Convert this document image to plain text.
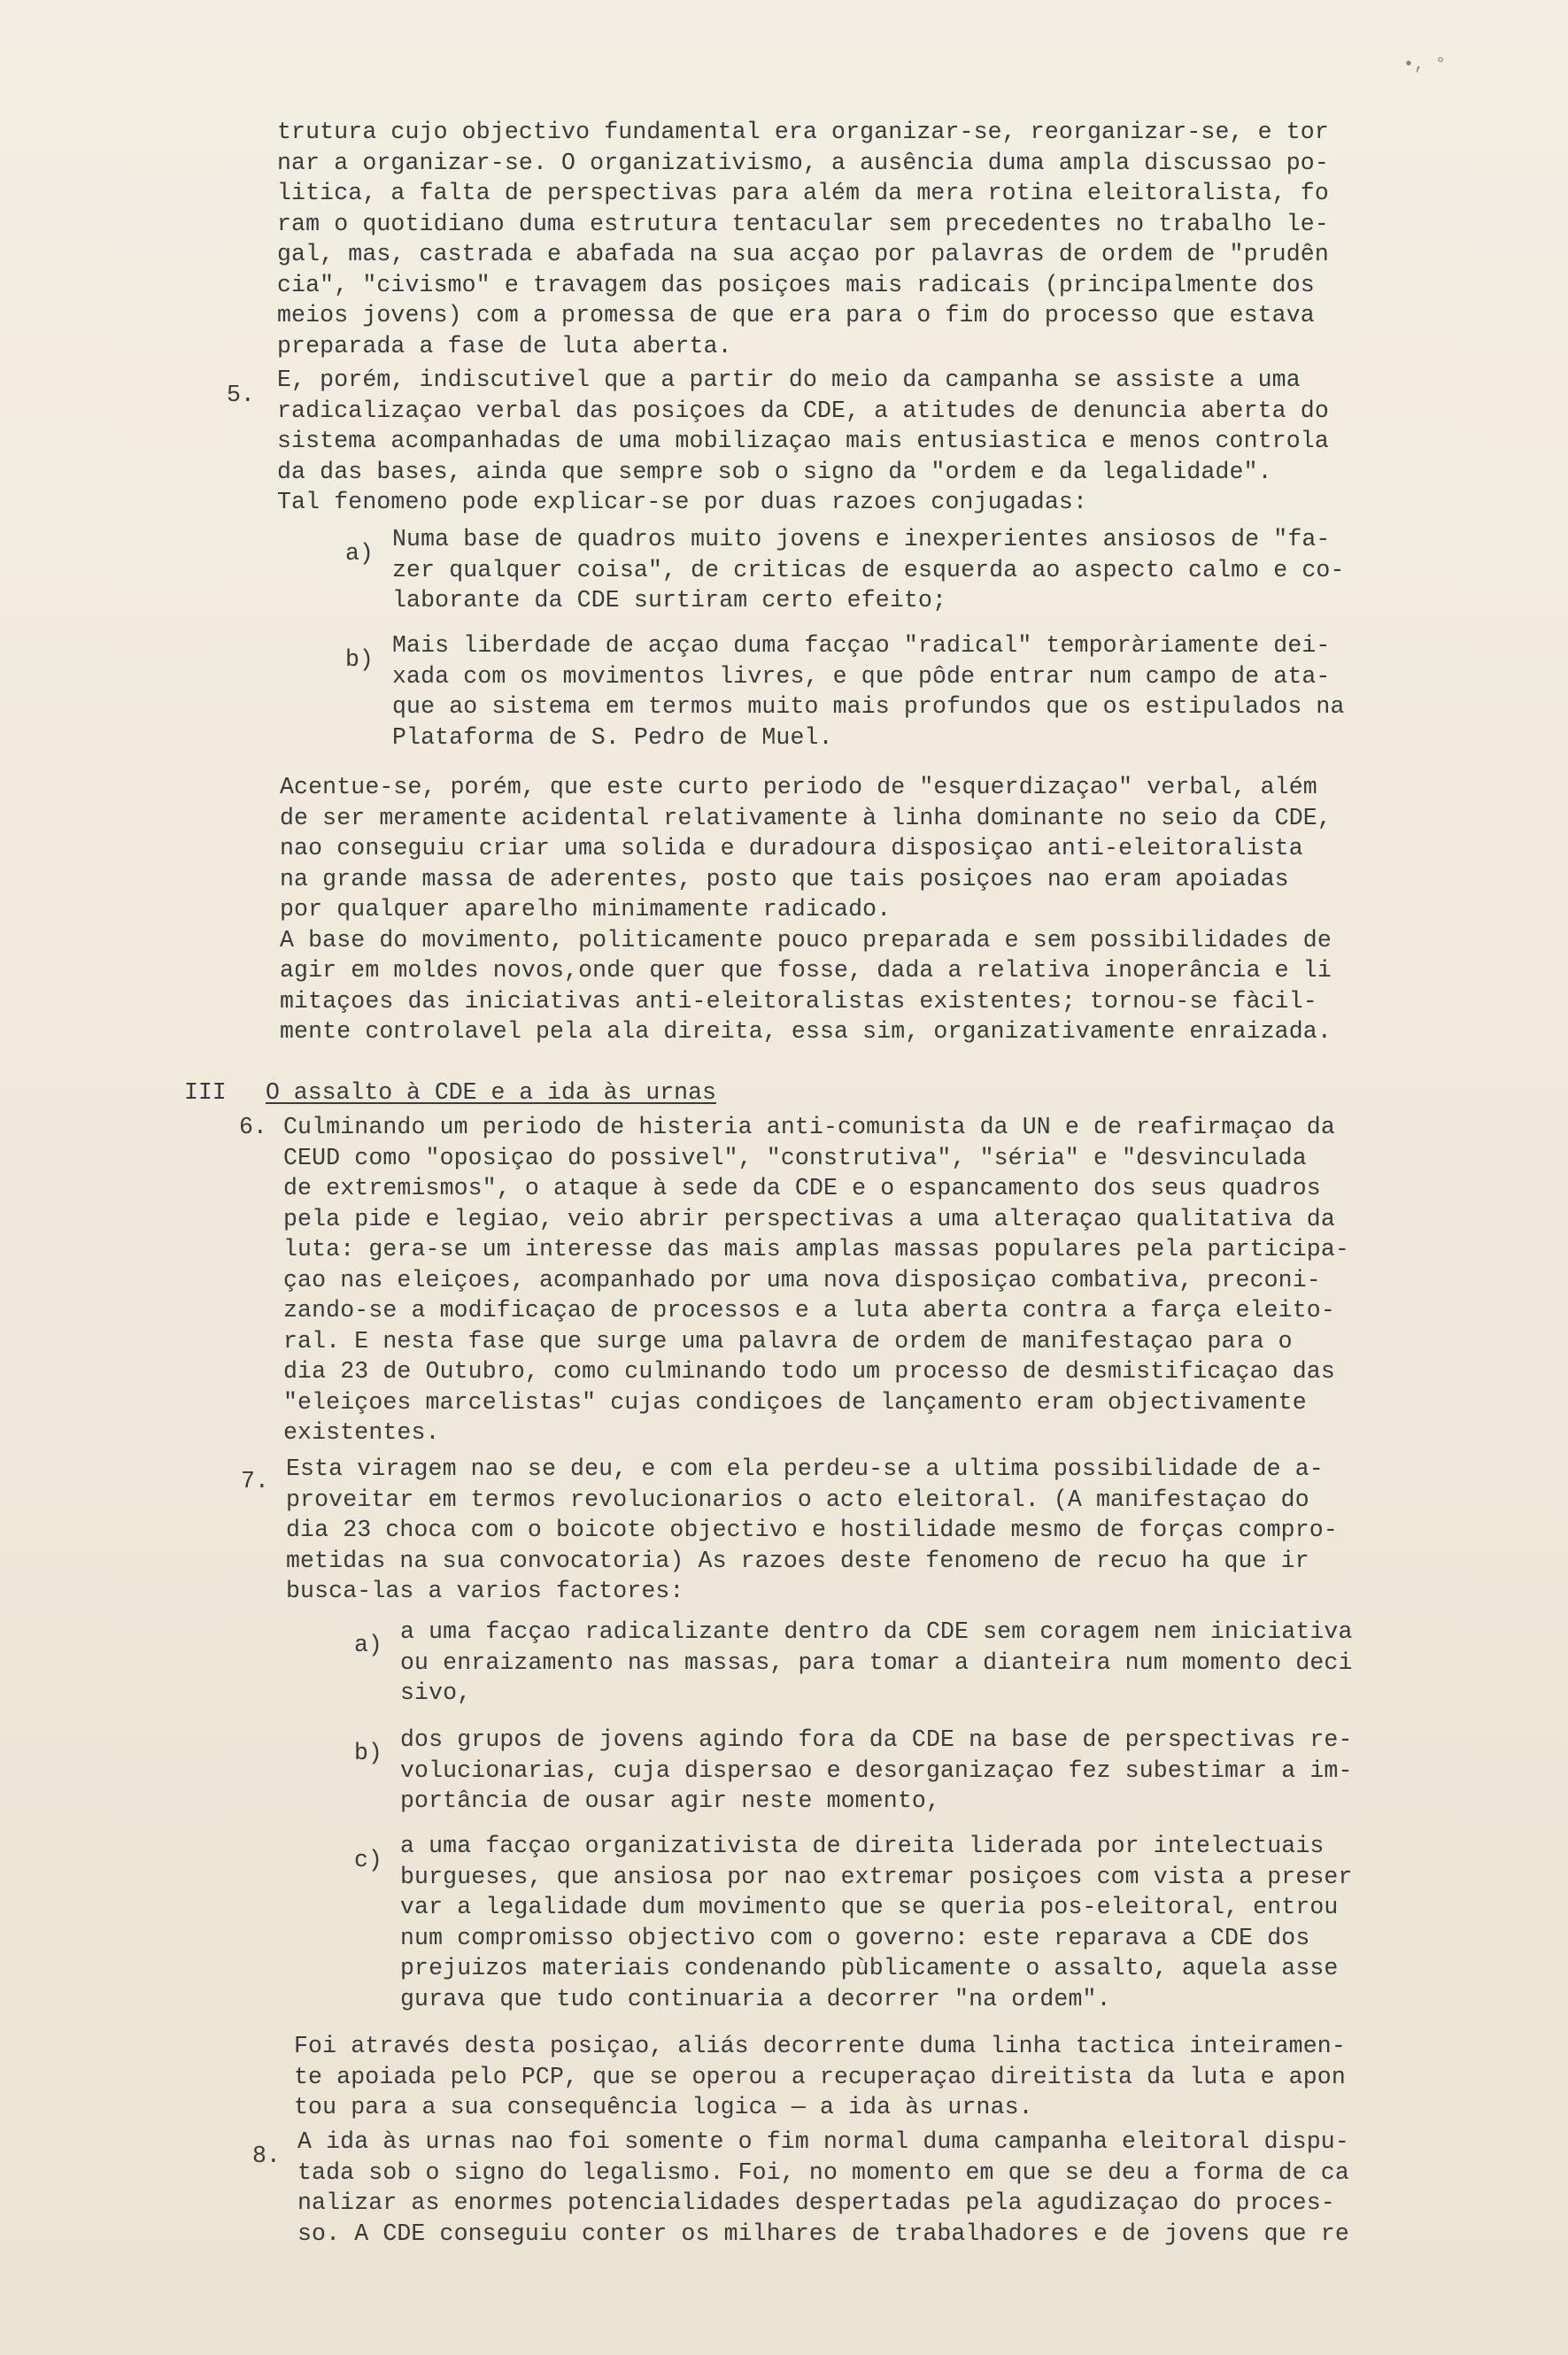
•, °
trutura cujo objectivo fundamental era organizar-se, reorganizar-se, e tor
nar a organizar-se. O organizativismo, a ausência duma ampla discussao po-
litica, a falta de perspectivas para além da mera rotina eleitoralista, fo
ram o quotidiano duma estrutura tentacular sem precedentes no trabalho le-
gal, mas, castrada e abafada na sua acçao por palavras de ordem de "prudên
cia", "civismo" e travagem das posiçoes mais radicais (principalmente dos
meios jovens) com a promessa de que era para o fim do processo que estava
preparada a fase de luta aberta.
5.
E, porém, indiscutivel que a partir do meio da campanha se assiste a uma
radicalizaçao verbal das posiçoes da CDE, a atitudes de denuncia aberta do
sistema acompanhadas de uma mobilizaçao mais entusiastica e menos controla
da das bases, ainda que sempre sob o signo da "ordem e da legalidade".
Tal fenomeno pode explicar-se por duas razoes conjugadas:
a)
Numa base de quadros muito jovens e inexperientes ansiosos de "fa-
zer qualquer coisa", de criticas de esquerda ao aspecto calmo e co-
laborante da CDE surtiram certo efeito;
b)
Mais liberdade de acçao duma facçao "radical" temporàriamente dei-
xada com os movimentos livres, e que pôde entrar num campo de ata-
que ao sistema em termos muito mais profundos que os estipulados na
Plataforma de S. Pedro de Muel.
Acentue-se, porém, que este curto periodo de "esquerdizaçao" verbal, além
de ser meramente acidental relativamente à linha dominante no seio da CDE,
nao conseguiu criar uma solida e duradoura disposiçao anti-eleitoralista
na grande massa de aderentes, posto que tais posiçoes nao eram apoiadas
por qualquer aparelho minimamente radicado.
A base do movimento, politicamente pouco preparada e sem possibilidades de
agir em moldes novos,onde quer que fosse, dada a relativa inoperância e li
mitaçoes das iniciativas anti-eleitoralistas existentes; tornou-se fàcil-
mente controlavel pela ala direita, essa sim, organizativamente enraizada.
III O assalto à CDE e a ida às urnas
6. Culminando um periodo de histeria anti-comunista da UN e de reafirmaçao da
CEUD como "oposiçao do possivel", "construtiva", "séria" e "desvinculada
de extremismos", o ataque à sede da CDE e o espancamento dos seus quadros
pela pide e legiao, veio abrir perspectivas a uma alteraçao qualitativa da
luta: gera-se um interesse das mais amplas massas populares pela participa-
çao nas eleiçoes, acompanhado por uma nova disposiçao combativa, preconi-
zando-se a modificaçao de processos e a luta aberta contra a farça eleito-
ral. E nesta fase que surge uma palavra de ordem de manifestaçao para o
dia 23 de Outubro, como culminando todo um processo de desmistificaçao das
"eleiçoes marcelistas" cujas condiçoes de lançamento eram objectivamente
existentes.
7. Esta viragem nao se deu, e com ela perdeu-se a ultima possibilidade de a-
proveitar em termos revolucionarios o acto eleitoral. (A manifestaçao do
dia 23 choca com o boicote objectivo e hostilidade mesmo de forças compro-
metidas na sua convocatoria) As razoes deste fenomeno de recuo ha que ir
busca-las a varios factores:
a) a uma facçao radicalizante dentro da CDE sem coragem nem iniciativa
ou enraizamento nas massas, para tomar a dianteira num momento deci
sivo,
b) dos grupos de jovens agindo fora da CDE na base de perspectivas re-
volucionarias, cuja dispersao e desorganizaçao fez subestimar a im-
portância de ousar agir neste momento,
c)
a uma facçao organizativista de direita liderada por intelectuais
burgueses, que ansiosa por nao extremar posiçoes com vista a preser
var a legalidade dum movimento que se queria pos-eleitoral, entrou
num compromisso objectivo com o governo: este reparava a CDE dos
prejuizos materiais condenando pùblicamente o assalto, aquela asse
gurava que tudo continuaria a decorrer "na ordem".
Foi através desta posiçao, aliás decorrente duma linha tactica inteiramen-
te apoiada pelo PCP, que se operou a recuperaçao direitista da luta e apon
tou para a sua consequência logica — a ida às urnas.
8.
A ida às urnas nao foi somente o fim normal duma campanha eleitoral dispu-
tada sob o signo do legalismo. Foi, no momento em que se deu a forma de ca
nalizar as enormes potencialidades despertadas pela agudizaçao do proces-
so. A CDE conseguiu conter os milhares de trabalhadores e de jovens que re
